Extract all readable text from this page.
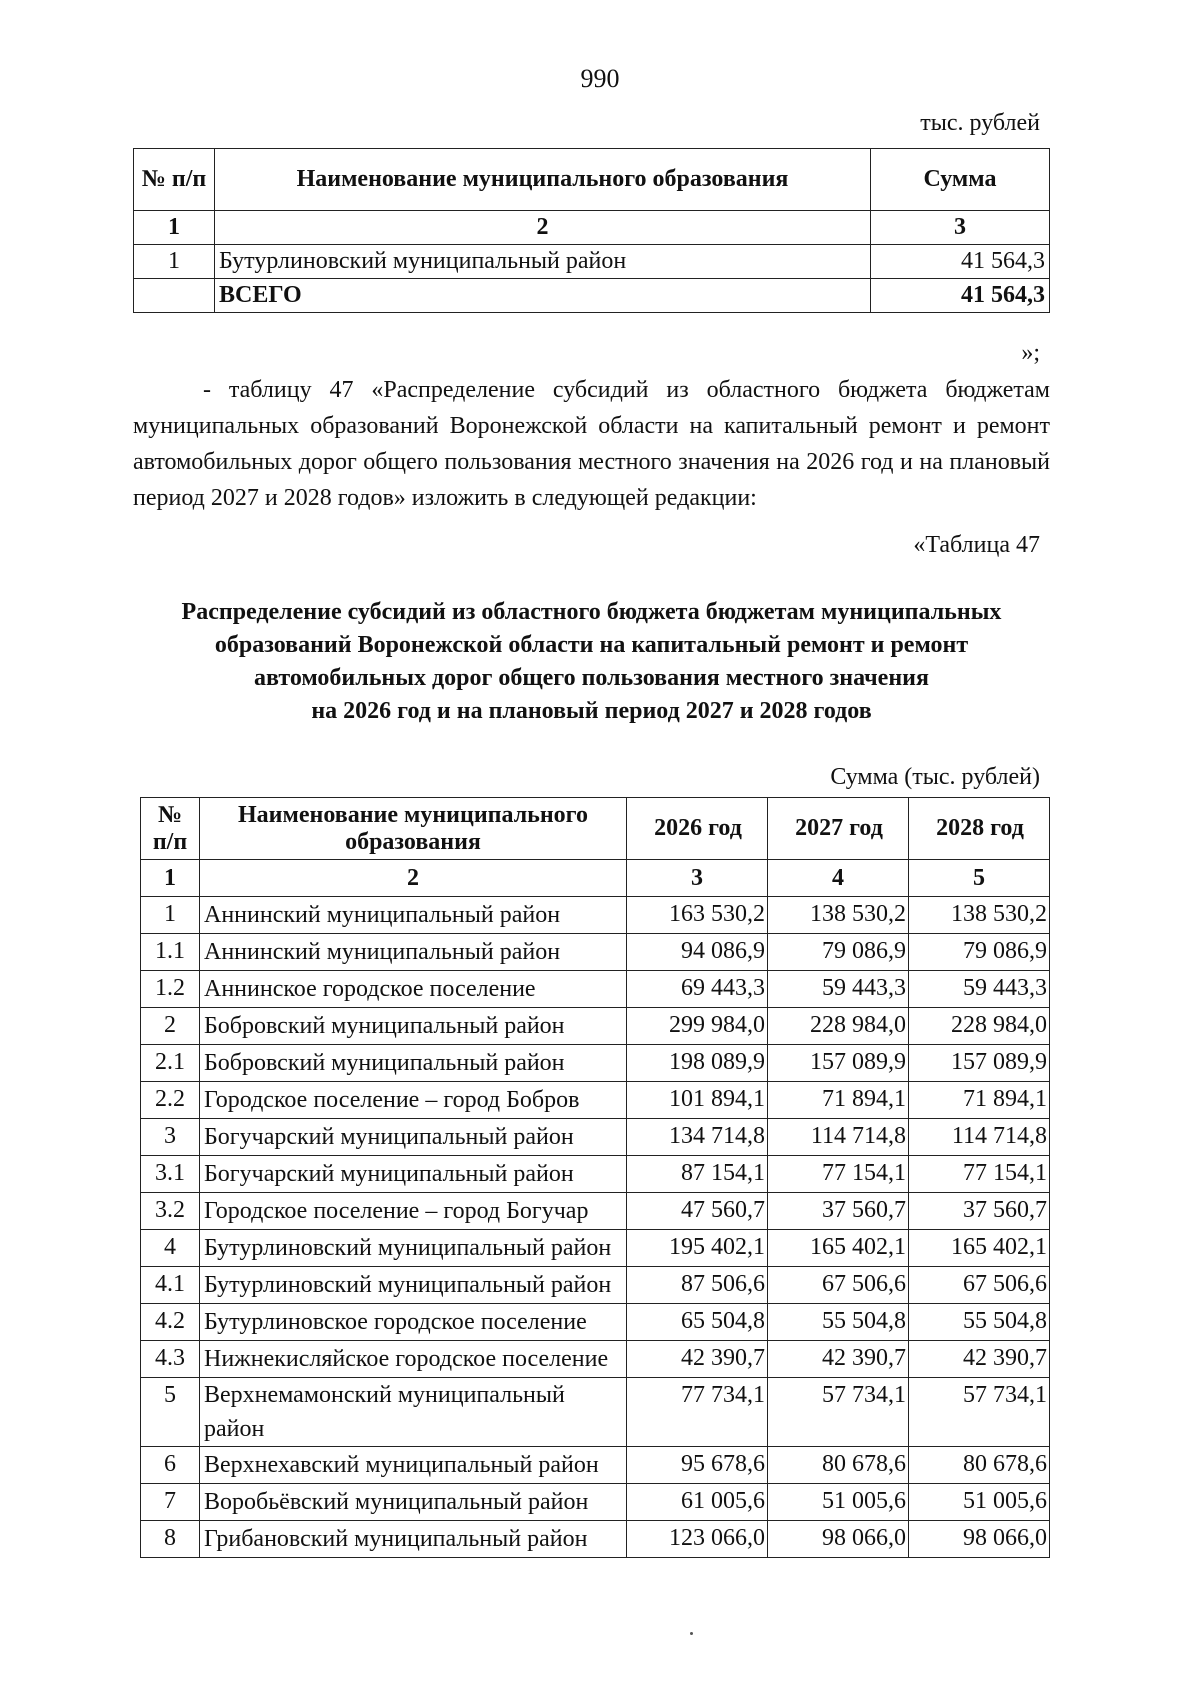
990
тыс. рублей
№ п/п	Наименование муниципального образования	Сумма
1	2	3
1	Бутурлиновский муниципальный район	41 564,3
	ВСЕГО	41 564,3
»;
- таблицу 47 «Распределение субсидий из областного бюджета бюджетам муниципальных образований Воронежской области на капитальный ремонт и ремонт автомобильных дорог общего пользования местного значения на 2026 год и на плановый период 2027 и 2028 годов» изложить в следующей редакции:
«Таблица 47
Распределение субсидий из областного бюджета бюджетам муниципальных
образований Воронежской области на капитальный ремонт и ремонт
автомобильных дорог общего пользования местного значения
на 2026 год и на плановый период 2027 и 2028 годов
Сумма (тыс. рублей)
№ п/п	Наименование муниципального образования	2026 год	2027 год	2028 год
1	2	3	4	5
1	Аннинский муниципальный район	163 530,2	138 530,2	138 530,2
1.1	Аннинский муниципальный район	94 086,9	79 086,9	79 086,9
1.2	Аннинское городское поселение	69 443,3	59 443,3	59 443,3
2	Бобровский муниципальный район	299 984,0	228 984,0	228 984,0
2.1	Бобровский муниципальный район	198 089,9	157 089,9	157 089,9
2.2	Городское поселение – город Бобров	101 894,1	71 894,1	71 894,1
3	Богучарский муниципальный район	134 714,8	114 714,8	114 714,8
3.1	Богучарский муниципальный район	87 154,1	77 154,1	77 154,1
3.2	Городское поселение – город Богучар	47 560,7	37 560,7	37 560,7
4	Бутурлиновский муниципальный район	195 402,1	165 402,1	165 402,1
4.1	Бутурлиновский муниципальный район	87 506,6	67 506,6	67 506,6
4.2	Бутурлиновское городское поселение	65 504,8	55 504,8	55 504,8
4.3	Нижнекисляйское городское поселение	42 390,7	42 390,7	42 390,7
5	Верхнемамонский муниципальный район	77 734,1	57 734,1	57 734,1
6	Верхнехавский муниципальный район	95 678,6	80 678,6	80 678,6
7	Воробьёвский муниципальный район	61 005,6	51 005,6	51 005,6
8	Грибановский муниципальный район	123 066,0	98 066,0	98 066,0
